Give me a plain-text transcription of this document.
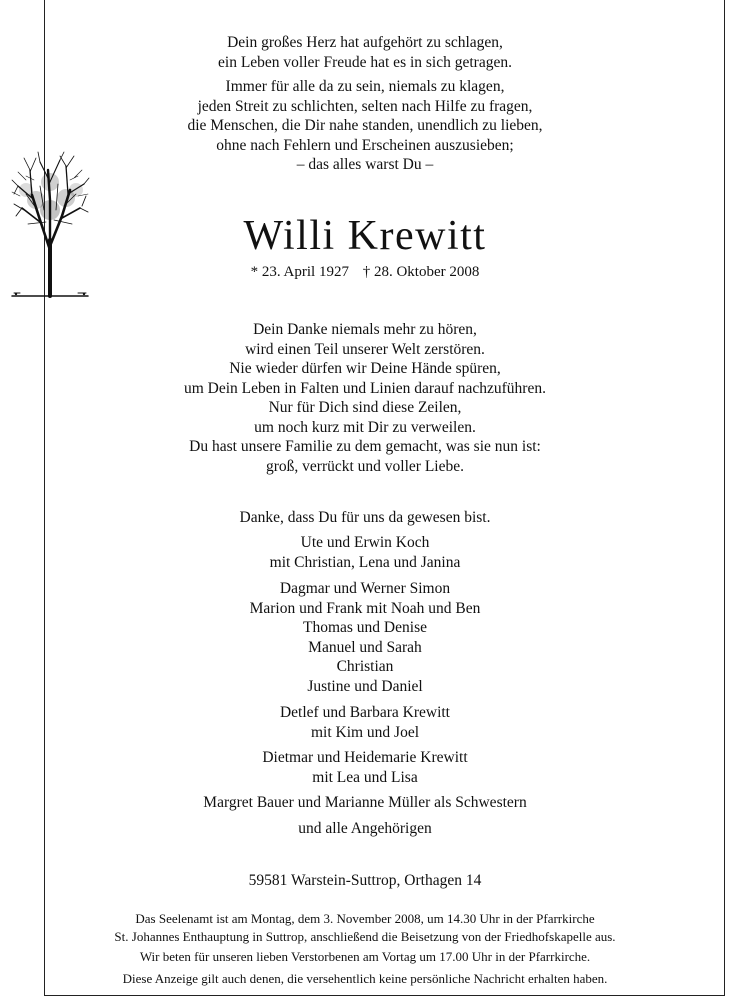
Dein großes Herz hat aufgehört zu schlagen,
ein Leben voller Freude hat es in sich getragen.
Immer für alle da zu sein, niemals zu klagen,
jeden Streit zu schlichten, selten nach Hilfe zu fragen,
die Menschen, die Dir nahe standen, unendlich zu lieben,
ohne nach Fehlern und Erscheinen auszusieben;
– das alles warst Du –
Willi Krewitt
* 23. April 1927 † 28. Oktober 2008
Dein Danke niemals mehr zu hören,
wird einen Teil unserer Welt zerstören.
Nie wieder dürfen wir Deine Hände spüren,
um Dein Leben in Falten und Linien darauf nachzuführen.
Nur für Dich sind diese Zeilen,
um noch kurz mit Dir zu verweilen.
Du hast unsere Familie zu dem gemacht, was sie nun ist:
groß, verrückt und voller Liebe.
Danke, dass Du für uns da gewesen bist.
Ute und Erwin Koch
mit Christian, Lena und Janina
Dagmar und Werner Simon
Marion und Frank mit Noah und Ben
Thomas und Denise
Manuel und Sarah
Christian
Justine und Daniel
Detlef und Barbara Krewitt
mit Kim und Joel
Dietmar und Heidemarie Krewitt
mit Lea und Lisa
Margret Bauer und Marianne Müller als Schwestern
und alle Angehörigen
59581 Warstein-Suttrop, Orthagen 14
Das Seelenamt ist am Montag, dem 3. November 2008, um 14.30 Uhr in der Pfarrkirche
St. Johannes Enthauptung in Suttrop, anschließend die Beisetzung von der Friedhofskapelle aus.
Wir beten für unseren lieben Verstorbenen am Vortag um 17.00 Uhr in der Pfarrkirche.
Diese Anzeige gilt auch denen, die versehentlich keine persönliche Nachricht erhalten haben.
